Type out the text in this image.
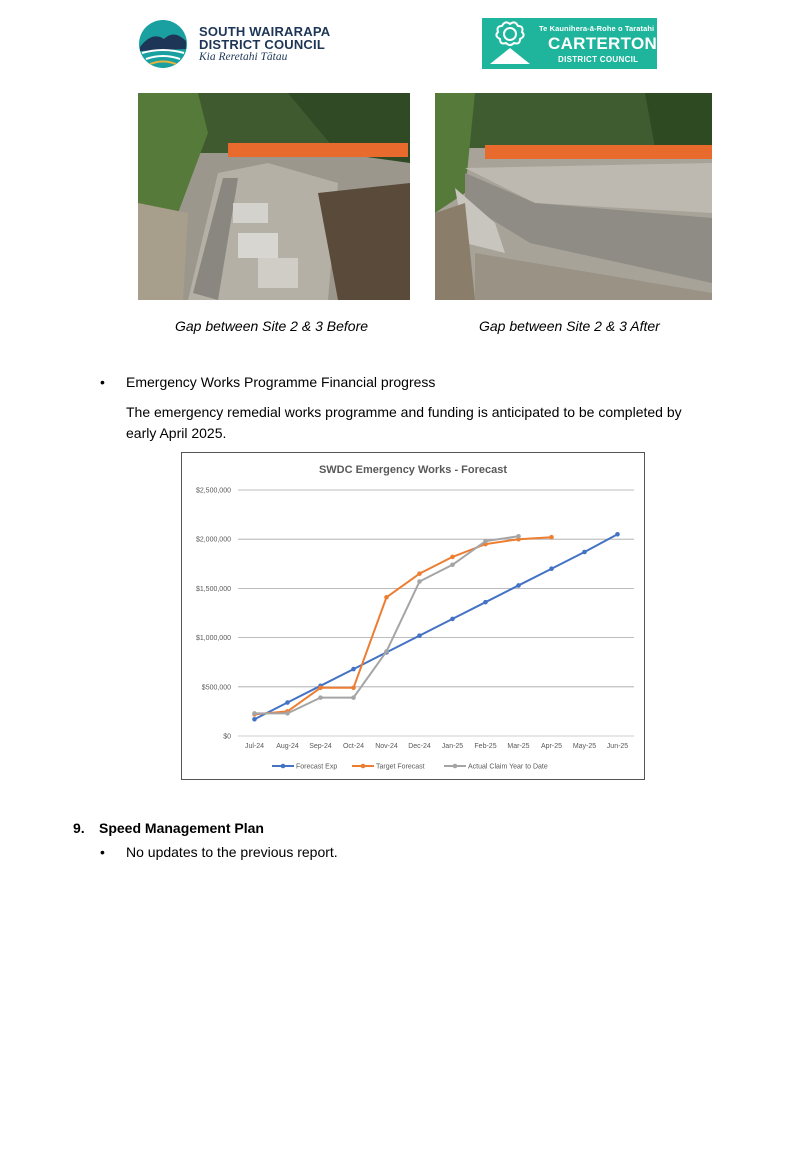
SOUTH WAIRARAPA
DISTRICT COUNCIL
Kia Reretahi Tātau
Te Kaunihera-ā-Rohe o Taratahi
CARTERTON
DISTRICT COUNCIL
Gap between Site 2 & 3 Before	Gap between Site 2 & 3 After
• Emergency Works Programme Financial progress
The emergency remedial works programme and funding is anticipated to be completed by
early April 2025.
SWDC Emergency Works - Forecast
$0
$500,000
$1,000,000
$1,500,000
$2,000,000
$2,500,000
Jul-24 Aug-24 Sep-24 Oct-24 Nov-24 Dec-24 Jan-25 Feb-25 Mar-25 Apr-25 May-25 Jun-25
Forecast Exp	Target Forecast	Actual Claim Year to Date
9. Speed Management Plan
• No updates to the previous report.
